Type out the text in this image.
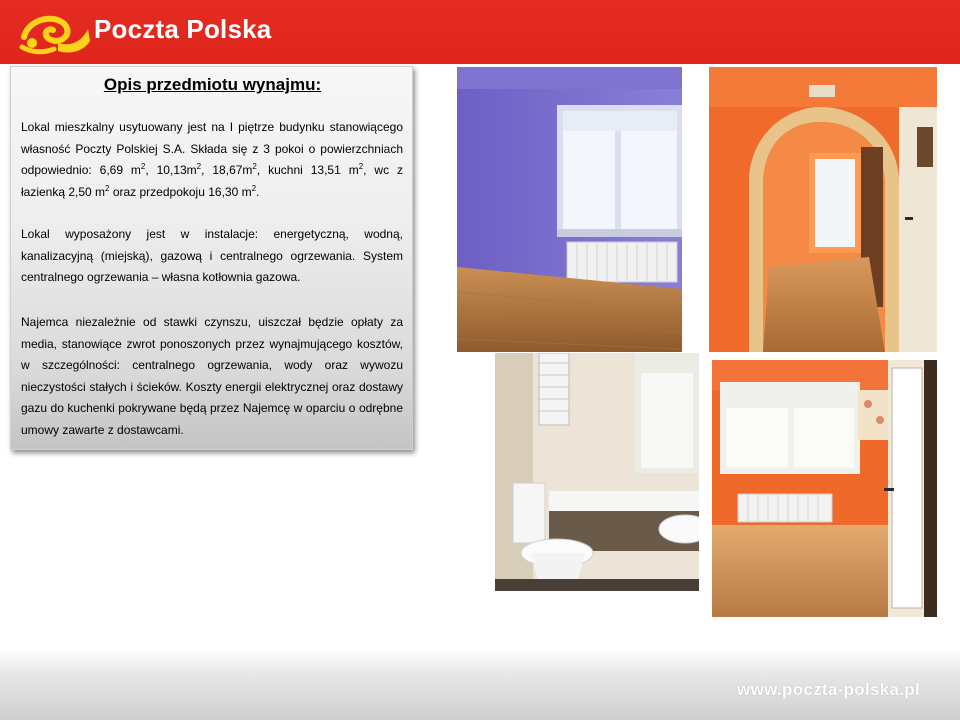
Poczta Polska
Opis przedmiotu wynajmu:
Lokal mieszkalny usytuowany jest na I piętrze budynku stanowiącego własność Poczty Polskiej S.A. Składa się z 3 pokoi o powierzchniach odpowiednio: 6,69 $m^2$, $10,13m^2$, $18,67m^2$, kuchni 13,51 $m^2$, wc z łazienką 2,50 $m^2$ oraz przedpokoju 16,30 $m^2$.
Lokal wyposażony jest w instalacje: energetyczną, wodną, kanalizacyjną (miejską), gazową i centralnego ogrzewania. System centralnego ogrzewania – własna kotłownia gazowa.
Najemca niezależnie od stawki czynszu, uiszczał będzie opłaty za media, stanowiące zwrot ponoszonych przez wynajmującego kosztów, w szczególności: centralnego ogrzewania, wody oraz wywozu nieczystości stałych i ścieków. Koszty energii elektrycznej oraz dostawy gazu do kuchenki pokrywane będą przez Najemcę w oparciu o odrębne umowy zawarte z dostawcami.
www.poczta-polska.pl
